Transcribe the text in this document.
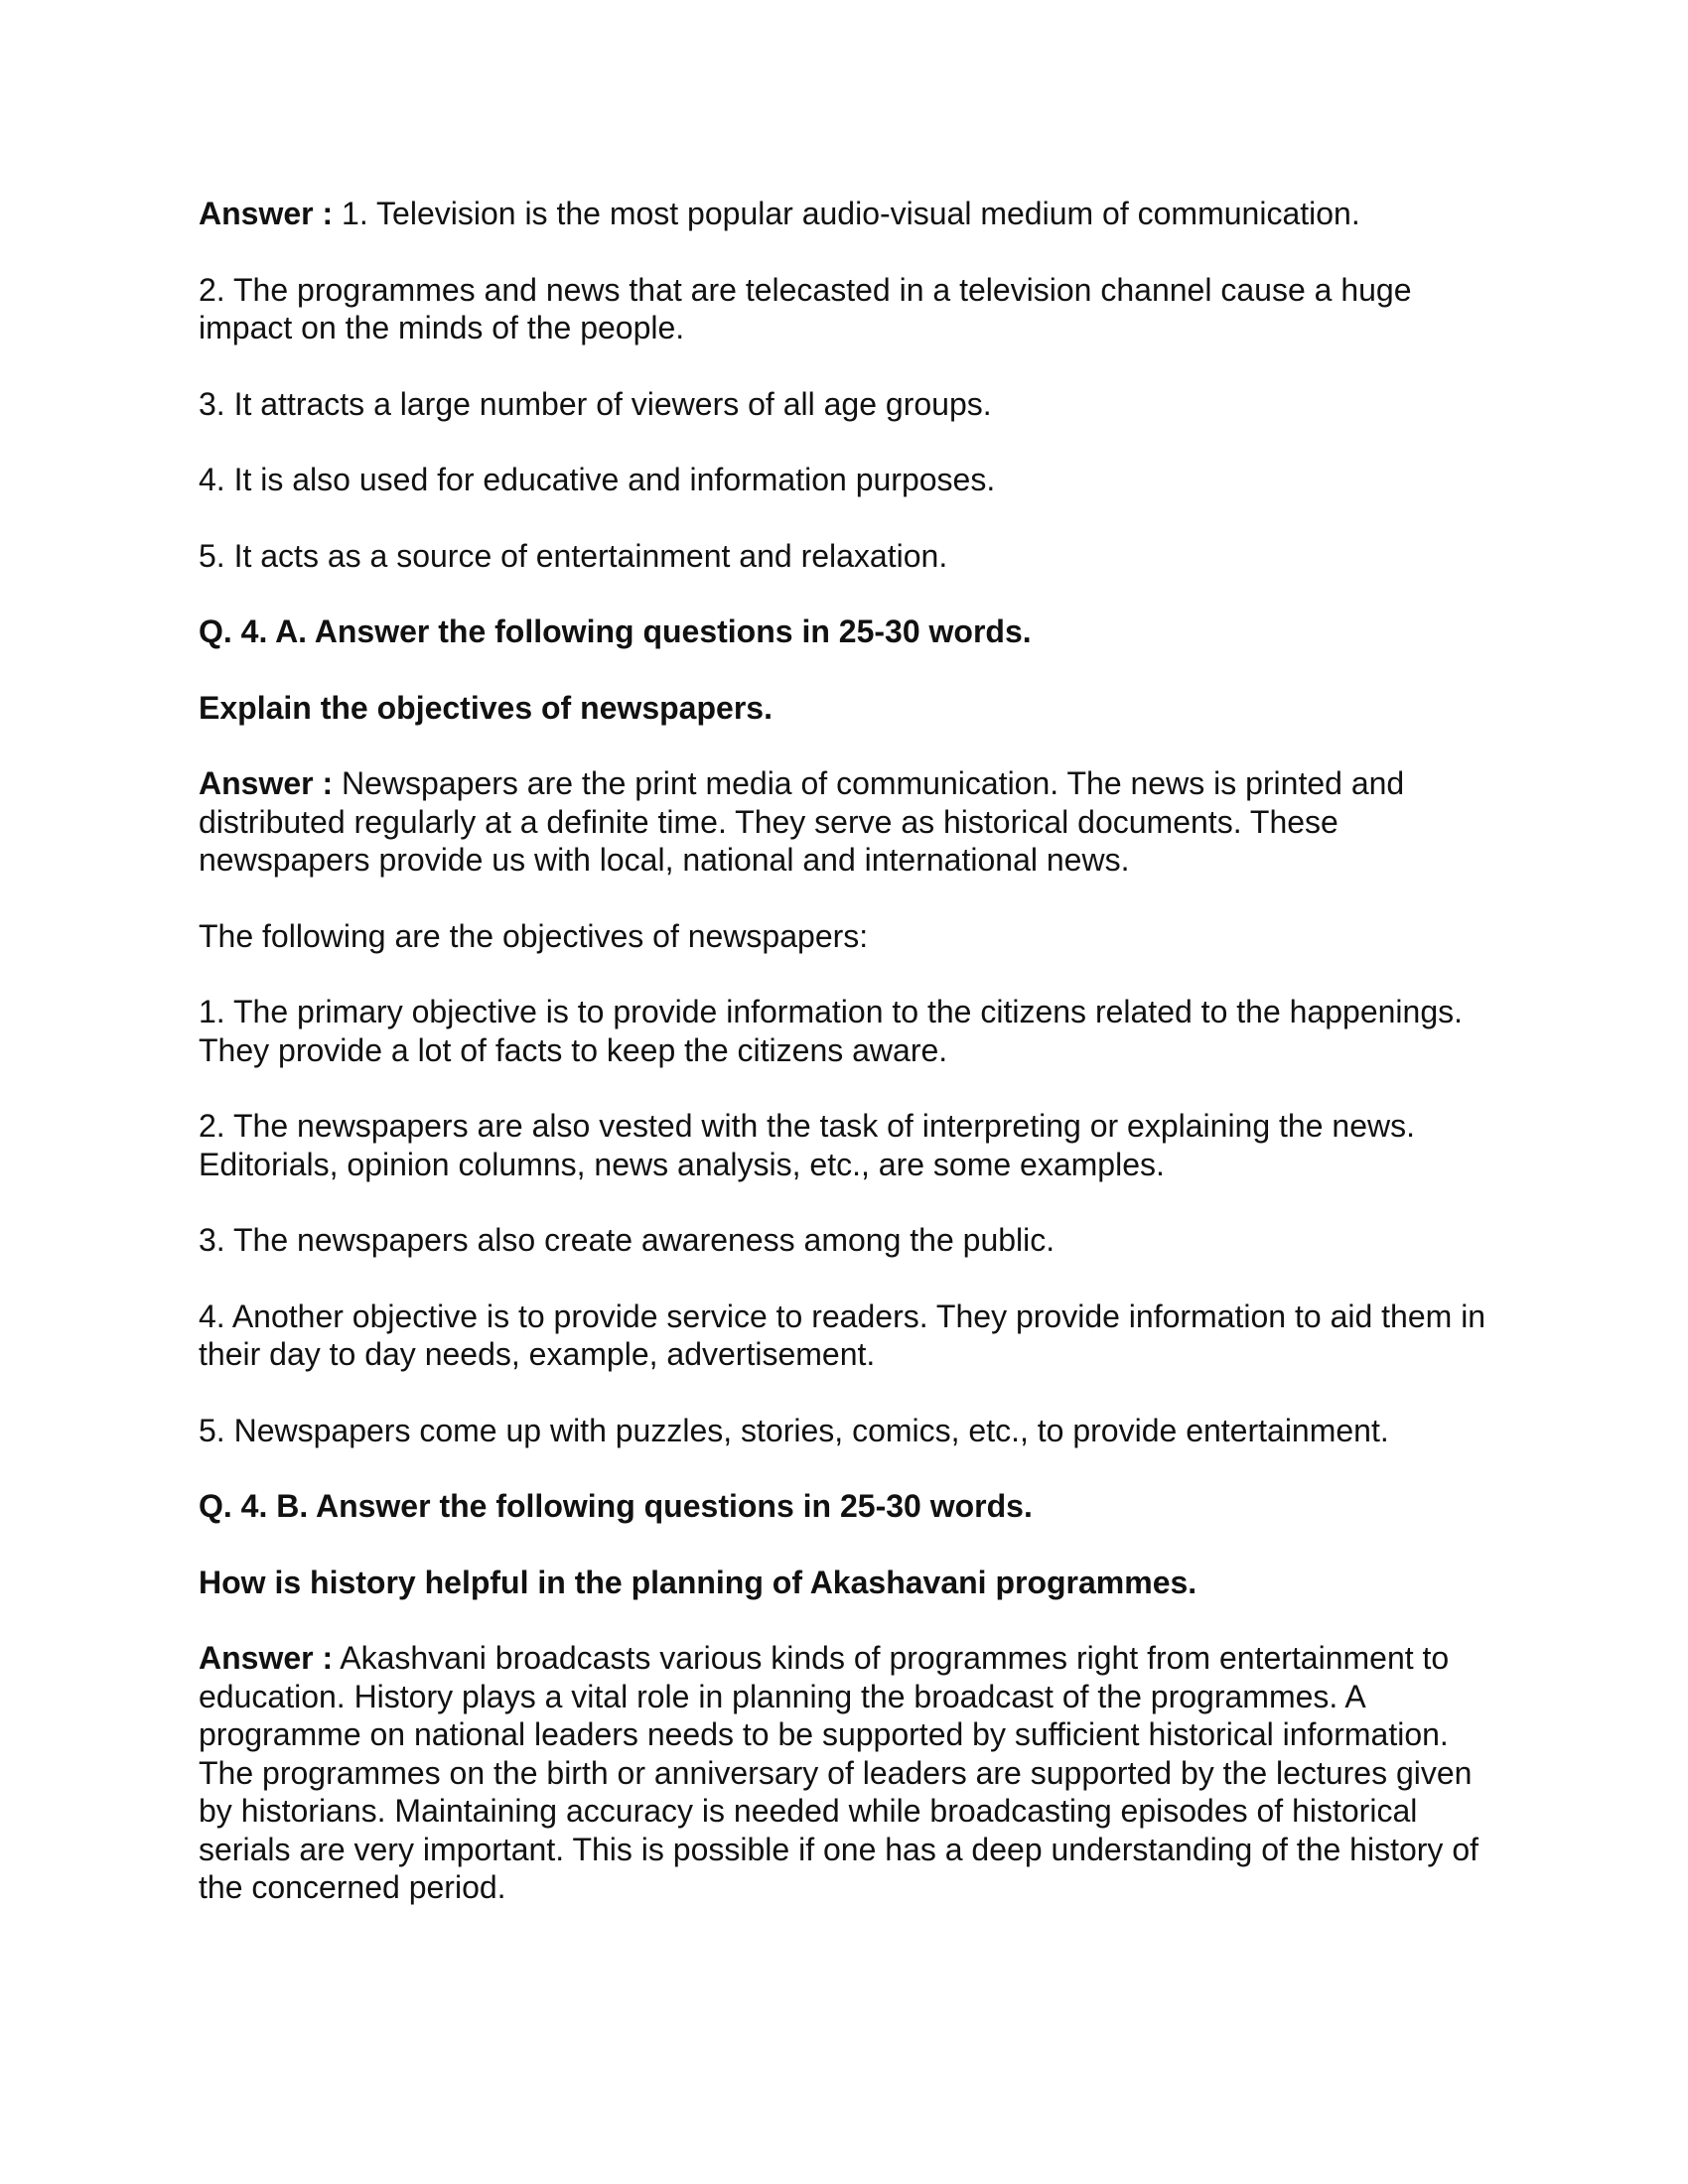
Answer : 1. Television is the most popular audio-visual medium of communication.

2. The programmes and news that are telecasted in a television channel cause a huge impact on the minds of the people.

3. It attracts a large number of viewers of all age groups.

4. It is also used for educative and information purposes.

5. It acts as a source of entertainment and relaxation.

Q. 4. A. Answer the following questions in 25-30 words.

Explain the objectives of newspapers.

Answer : Newspapers are the print media of communication. The news is printed and distributed regularly at a definite time. They serve as historical documents. These newspapers provide us with local, national and international news.

The following are the objectives of newspapers:

1. The primary objective is to provide information to the citizens related to the happenings. They provide a lot of facts to keep the citizens aware.

2. The newspapers are also vested with the task of interpreting or explaining the news. Editorials, opinion columns, news analysis, etc., are some examples.

3. The newspapers also create awareness among the public.

4. Another objective is to provide service to readers. They provide information to aid them in their day to day needs, example, advertisement.

5. Newspapers come up with puzzles, stories, comics, etc., to provide entertainment.

Q. 4. B. Answer the following questions in 25-30 words.

How is history helpful in the planning of Akashavani programmes.

Answer : Akashvani broadcasts various kinds of programmes right from entertainment to education. History plays a vital role in planning the broadcast of the programmes. A programme on national leaders needs to be supported by sufficient historical information. The programmes on the birth or anniversary of leaders are supported by the lectures given by historians. Maintaining accuracy is needed while broadcasting episodes of historical serials are very important. This is possible if one has a deep understanding of the history of the concerned period.
